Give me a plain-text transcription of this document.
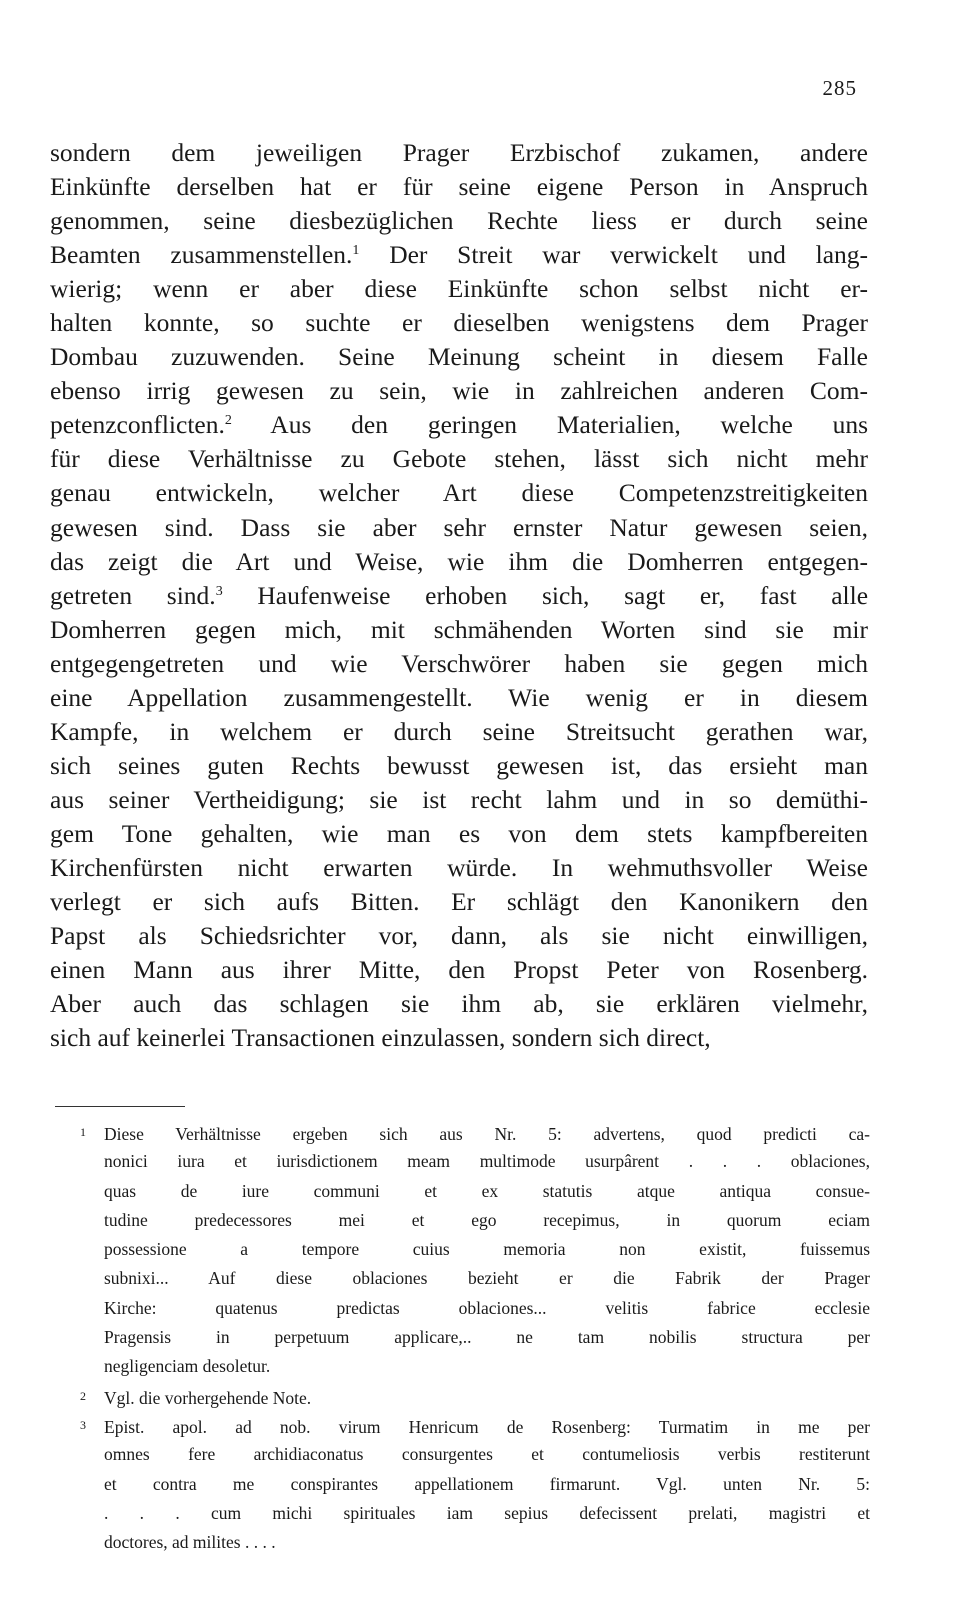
285
sondern dem jeweiligen Prager Erzbischof zukamen, andere
Einkünfte derselben hat er für seine eigene Person in Anspruch
genommen, seine diesbezüglichen Rechte liess er durch seine
Beamten zusammenstellen.$^1$ Der Streit war verwickelt und lang-
wierig; wenn er aber diese Einkünfte schon selbst nicht er-
halten konnte, so suchte er dieselben wenigstens dem Prager
Dombau zuzuwenden. Seine Meinung scheint in diesem Falle
ebenso irrig gewesen zu sein, wie in zahlreichen anderen Com-
petenzconflicten.$^2$ Aus den geringen Materialien, welche uns
für diese Verhältnisse zu Gebote stehen, lässt sich nicht mehr
genau entwickeln, welcher Art diese Competenzstreitigkeiten
gewesen sind. Dass sie aber sehr ernster Natur gewesen seien,
das zeigt die Art und Weise, wie ihm die Domherren entgegen-
getreten sind.$^3$ Haufenweise erhoben sich, sagt er, fast alle
Domherren gegen mich, mit schmähenden Worten sind sie mir
entgegengetreten und wie Verschwörer haben sie gegen mich
eine Appellation zusammengestellt. Wie wenig er in diesem
Kampfe, in welchem er durch seine Streitsucht gerathen war,
sich seines guten Rechts bewusst gewesen ist, das ersieht man
aus seiner Vertheidigung; sie ist recht lahm und in so demüthi-
gem Tone gehalten, wie man es von dem stets kampfbereiten
Kirchenfürsten nicht erwarten würde. In wehmuthsvoller Weise
verlegt er sich aufs Bitten. Er schlägt den Kanonikern den
Papst als Schiedsrichter vor, dann, als sie nicht einwilligen,
einen Mann aus ihrer Mitte, den Propst Peter von Rosenberg.
Aber auch das schlagen sie ihm ab, sie erklären vielmehr,
sich auf keinerlei Transactionen einzulassen, sondern sich direct,
1 Diese Verhältnisse ergeben sich aus Nr. 5: advertens, quod predicti ca-
nonici iura et iurisdictionem meam multimode usurpârent . . . oblaciones,
quas de iure communi et ex statutis atque antiqua consue-
tudine predecessores mei et ego recepimus, in quorum eciam
possessione a tempore cuius memoria non existit, fuissemus
subnixi... Auf diese oblaciones bezieht er die Fabrik der Prager
Kirche: quatenus predictas oblaciones... velitis fabrice ecclesie
Pragensis in perpetuum applicare,.. ne tam nobilis structura per
negligenciam desoletur.
2 Vgl. die vorhergehende Note.
3 Epist. apol. ad nob. virum Henricum de Rosenberg: Turmatim in me per
omnes fere archidiaconatus consurgentes et contumeliosis verbis restiterunt
et contra me conspirantes appellationem firmarunt. Vgl. unten Nr. 5:
. . . cum michi spirituales iam sepius defecissent prelati, magistri et
doctores, ad milites . . . .
